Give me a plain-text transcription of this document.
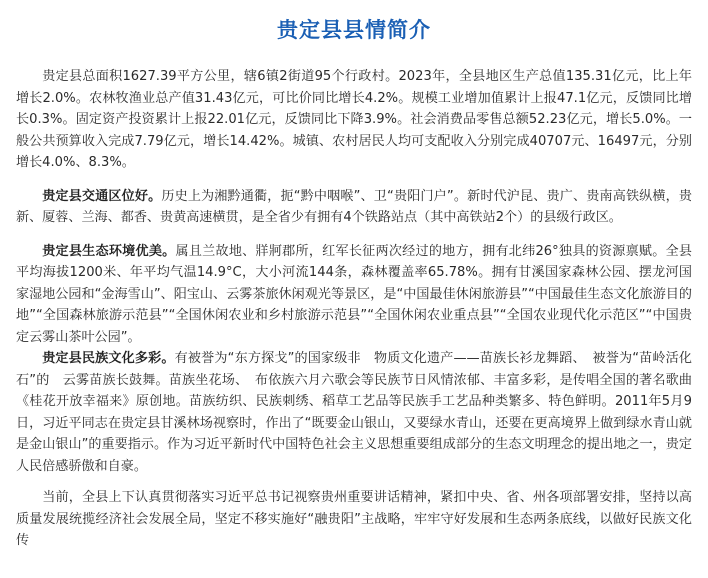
贵定县县情简介

贵定县总面积1627.39平方公里，辖6镇2街道95个行政村。2023年，全县地区生产总值135.31亿元，比上年增长2.0%。农林牧渔业总产值31.43亿元，可比价同比增长4.2%。规模工业增加值累计上报47.1亿元，反馈同比增长0.3%。固定资产投资累计上报22.01亿元，反馈同比下降3.9%。社会消费品零售总额52.23亿元，增长5.0%。一般公共预算收入完成7.79亿元，增长14.42%。城镇、农村居民人均可支配收入分别完成40707元、16497元，分别增长4.0%、8.3%。

贵定县交通区位好。历史上为湘黔通衢，扼“黔中咽喉”、卫“贵阳门户”。新时代沪昆、贵广、贵南高铁纵横，贵新、厦蓉、兰海、都香、贵黄高速横贯，是全省少有拥有4个铁路站点（其中高铁站2个）的县级行政区。

贵定县生态环境优美。属且兰故地、牂牁郡所，红军长征两次经过的地方，拥有北纬26°独具的资源禀赋。全县平均海拔1200米、年平均气温14.9°C，大小河流144条，森林覆盖率65.78%。拥有甘溪国家森林公园、摆龙河国家湿地公园和“金海雪山”、阳宝山、云雾茶旅休闲观光等景区，是“中国最佳休闲旅游县”“中国最佳生态文化旅游目的地”“全国森林旅游示范县”“全国休闲农业和乡村旅游示范县”“全国休闲农业重点县”“全国农业现代化示范区”“中国贵定云雾山茶叶公园”。

贵定县民族文化多彩。有被誉为“东方探戈”的国家级非　物质文化遗产——苗族长衫龙舞蹈、　被誉为“苗岭活化石”的　云雾苗族长鼓舞。苗族坐花场、　布依族六月六歌会等民族节日风情浓郁、丰富多彩，是传唱全国的著名歌曲《桂花开放幸福来》原创地。苗族纺织、民族刺绣、稻草工艺品等民族手工艺品种类繁多、特色鲜明。2011年5月9日，习近平同志在贵定县甘溪林场视察时，作出了“既要金山银山，又要绿水青山，还要在更高境界上做到绿水青山就是金山银山”的重要指示。作为习近平新时代中国特色社会主义思想重要组成部分的生态文明理念的提出地之一，贵定人民倍感骄傲和自豪。

当前，全县上下认真贯彻落实习近平总书记视察贵州重要讲话精神，紧扣中央、省、州各项部署安排，坚持以高质量发展统揽经济社会发展全局，坚定不移实施好“融贵阳”主战略，牢牢守好发展和生态两条底线，以做好民族文化传
